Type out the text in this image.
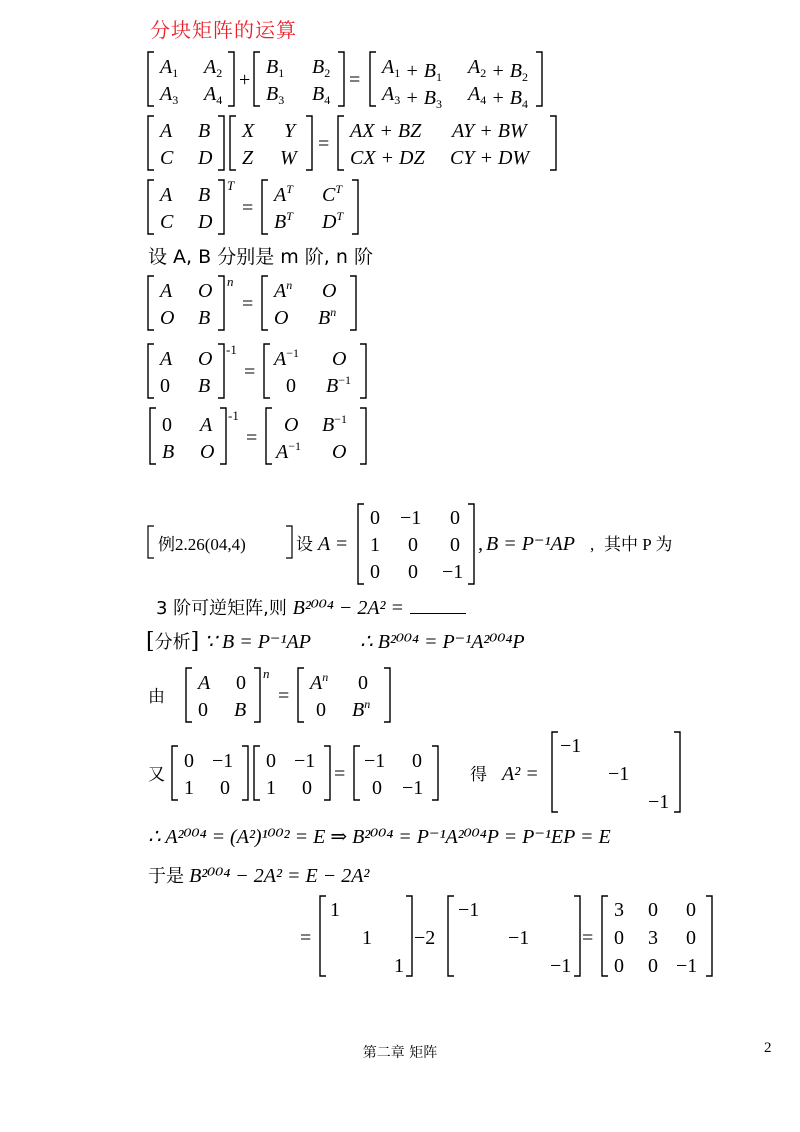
分块矩阵的运算
$A_1$ $A_2$
$A_3$ $A_4$
+
$B_1$ $B_2$
$B_3$ $B_4$
=
$A_1 + B_1$ $A_2 + B_2$
$A_3 + B_3$ $A_4 + B_4$
A B
C D
X Y
Z W
=
AX + BZ AY + BW
CX + DZ CY + DW
A B
C D
T
=
$A^T$ $C^T$
$B^T$ $D^T$
设 A, B 分别是 m 阶, n 阶
A O
O B
n
=
$A^n$ O
O $B^n$
A O
0 B
-1
=
$A^{-1}$ O
0 $B^{-1}$
0 A
B O
-1
=
O $B^{-1}$
$A^{-1}$ O
例2.26(04,4)	设 A =
0 −1 0
1 0 0
0 0 −1
, B = P⁻¹AP , 其中 P 为
3 阶可逆矩阵,则 B²⁰⁰⁴ − 2A² =
[分析] ∵ B = P⁻¹AP ∴ B²⁰⁰⁴ = P⁻¹A²⁰⁰⁴P
由
A 0
0 B
n
=
$A^n$ 0
0 $B^n$
又
0 −1
1 0
0 −1
1 0
=
−1 0
0 −1
得 A² =
−1
−1
−1
∴ A²⁰⁰⁴ = (A²)¹⁰⁰² = E ⇒ B²⁰⁰⁴ = P⁻¹A²⁰⁰⁴P = P⁻¹EP = E
于是 B²⁰⁰⁴ − 2A² = E − 2A²
=
1
1
1
−2
−1
−1
−1
=
3 0 0
0 3 0
0 0 −1
第二章 矩阵	2
